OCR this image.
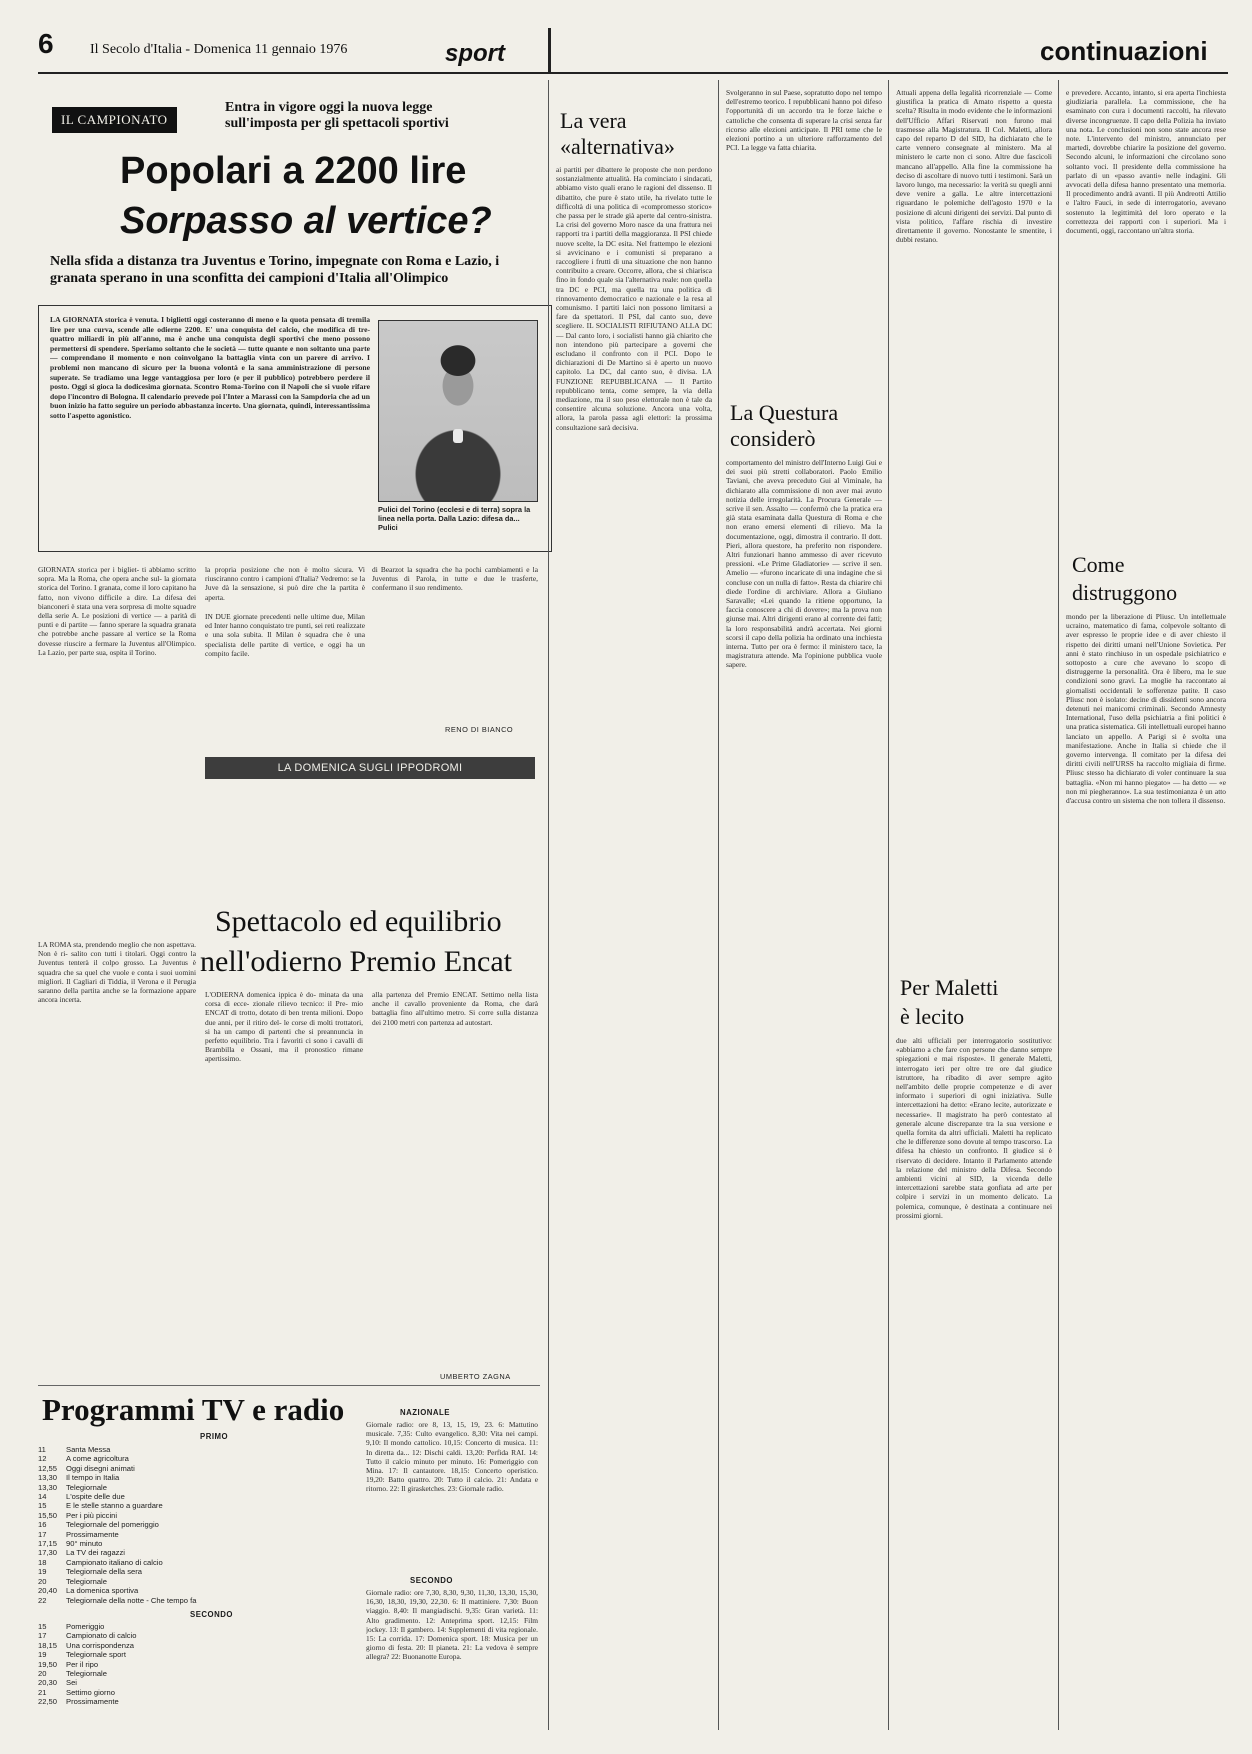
6	Il Secolo d'Italia - Domenica 11 gennaio 1976	sport	continuazioni
IL CAMPIONATO
Entra in vigore oggi la nuova legge sull'imposta per gli spettacoli sportivi
Popolari a 2200 lire
Sorpasso al vertice?
Nella sfida a distanza tra Juventus e Torino, impegnate con Roma e Lazio, i granata sperano in una sconfitta dei campioni d'Italia all'Olimpico
LA GIORNATA storica è venuta. I biglietti oggi costeranno di meno e la quota pensata di tremila lire per una curva, scende alle odierne 2200. E' una conquista del calcio, che modifica di tre-quattro miliardi in più all'anno, ma è anche una conquista degli sportivi che meno possono permettersi di spendere. Speriamo soltanto che le società — tutte quante e non soltanto una parte — comprendano il momento e non coinvolgano la battaglia vinta con un parere di arrivo. I problemi non mancano di sicuro per la buona volontà e la sana amministrazione di persone superate. Se tradiamo una legge vantaggiosa per loro (e per il pubblico) potrebbero perdere il posto. Oggi si gioca la dodicesima giornata. Scontro Roma-Torino con il Napoli che si vuole rifare dopo l'incontro di Bologna. Il calendario prevede poi l'Inter a Marassi con la Sampdoria che ad un buon inizio ha fatto seguire un periodo abbastanza incerto. Una giornata, quindi, interessantissima sotto l'aspetto agonistico.
Pulici del Torino (ecclesi e di terra) sopra la linea nella porta. Dalla Lazio: difesa da... Pulici
GIORNATA storica per i bigliet- ti abbiamo scritto sopra. Ma la Roma, che opera anche sul- la giornata storica del Torino. I granata, come il loro capitano ha fatto, non vivono difficile a dire. La difesa dei bianconeri è stata una vera sorpresa di molte squadre della serie A. Le posizioni di vertice — a parità di punti e di partite — fanno sperare la squadra granata che potrebbe anche passare al vertice se la Roma dovesse riuscire a fermare la Juventus all'Olimpico. La Lazio, per parte sua, ospita il Torino.
la propria posizione che non è molto sicura. Vi riusciranno contro i campioni d'Italia? Vedremo: se la Juve dà la sensazione, si può dire che la partita è aperta.
IN DUE giornate precedenti nelle ultime due, Milan ed Inter hanno conquistato tre punti, sei reti realizzate e una sola subita. Il Milan è squadra che è una specialista delle partite di vertice, e oggi ha un compito facile.
di Bearzot la squadra che ha pochi cambiamenti e la Juventus di Parola, in tutte e due le trasferte, confermano il suo rendimento.
RENO DI BIANCO
LA ROMA sta, prendendo meglio che non aspettava. Non è ri- salito con tutti i titolari. Oggi contro la Juventus tenterà il colpo grosso. La Juventus è squadra che sa quel che vuole e conta i suoi uomini migliori. Il Cagliari di Tiddia, il Verona e il Perugia saranno della partita anche se la formazione appare ancora incerta.
LA DOMENICA SUGLI IPPODROMI
Spettacolo ed equilibrio
nell'odierno Premio Encat
L'ODIERNA domenica ippica è do- minata da una corsa di ecce- zionale rilievo tecnico: il Pre- mio ENCAT di trotto, dotato di ben trenta milioni. Dopo due anni, per il ritiro del- le corse di molti trottatori, si ha un campo di partenti che si preannuncia in perfetto equilibrio. Tra i favoriti ci sono i cavalli di Brambilla e Ossani, ma il pronostico rimane apertissimo.
alla partenza del Premio ENCAT. Settimo nella lista anche il cavallo proveniente da Roma, che darà battaglia fino all'ultimo metro. Si corre sulla distanza dei 2100 metri con partenza ad autostart.
UMBERTO ZAGNA
Programmi TV e radio
PRIMO
11	Santa Messa
12	A come agricoltura
12,55	Oggi disegni animati
13,30	Il tempo in Italia
13,30	Telegiornale
14	L'ospite delle due
15	E le stelle stanno a guardare
15,50	Per i più piccini
16	Telegiornale del pomeriggio
17	Prossimamente
17,15	90° minuto
17,30	La TV dei ragazzi
18	Campionato italiano di calcio
19	Telegiornale della sera
20	Telegiornale
20,40	La domenica sportiva
22	Telegiornale della notte - Che tempo fa
SECONDO
15	Pomeriggio
17	Campionato di calcio
18,15	Una corrispondenza
19	Telegiornale sport
19,50	Per il ripo
20	Telegiornale
20,30	Sei
21	Settimo giorno
22,50	Prossimamente
NAZIONALE
Giornale radio: ore 8, 13, 15, 19, 23. 6: Mattutino musicale. 7,35: Culto evangelico. 8,30: Vita nei campi. 9,10: Il mondo cattolico. 10,15: Concerto di musica. 11: In diretta da... 12: Dischi caldi. 13,20: Perfida RAI. 14: Tutto il calcio minuto per minuto. 16: Pomeriggio con Mina. 17: Il cantautore. 18,15: Concerto operistico. 19,20: Batto quattro. 20: Tutto il calcio. 21: Andata e ritorno. 22: Il girasketches. 23: Giornale radio.
SECONDO
Giornale radio: ore 7,30, 8,30, 9,30, 11,30, 13,30, 15,30, 16,30, 18,30, 19,30, 22,30. 6: Il mattiniere. 7,30: Buon viaggio. 8,40: Il mangiadischi. 9,35: Gran varietà. 11: Alto gradimento. 12: Anteprima sport. 12,15: Film jockey. 13: Il gambero. 14: Supplementi di vita regionale. 15: La corrida. 17: Domenica sport. 18: Musica per un giorno di festa. 20: Il pianeta. 21: La vedova è sempre allegra? 22: Buonanotte Europa.
La vera
«alternativa»
ai partiti per dibattere le proposte che non perdono sostanzialmente attualità. Ha cominciato i sindacati, abbiamo visto quali erano le ragioni del dissenso. Il dibattito, che pure è stato utile, ha rivelato tutte le difficoltà di una politica di «compromesso storico» che passa per le strade già aperte dal centro-sinistra. La crisi del governo Moro nasce da una frattura nei rapporti tra i partiti della maggioranza. Il PSI chiede nuove scelte, la DC esita. Nel frattempo le elezioni si avvicinano e i comunisti si preparano a raccogliere i frutti di una situazione che non hanno contribuito a creare. Occorre, allora, che si chiarisca fino in fondo quale sia l'alternativa reale: non quella tra DC e PCI, ma quella tra una politica di rinnovamento democratico e nazionale e la resa al comunismo. I partiti laici non possono limitarsi a fare da spettatori. Il PSI, dal canto suo, deve scegliere. IL SOCIALISTI RIFIUTANO ALLA DC — Dal canto loro, i socialisti hanno già chiarito che non intendono più partecipare a governi che escludano il confronto con il PCI. Dopo le dichiarazioni di De Martino si è aperto un nuovo capitolo. La DC, dal canto suo, è divisa. LA FUNZIONE REPUBBLICANA — Il Partito repubblicano tenta, come sempre, la via della mediazione, ma il suo peso elettorale non è tale da consentire alcuna soluzione. Ancora una volta, allora, la parola passa agli elettori: la prossima consultazione sarà decisiva.
Svolgeranno in sul Paese, sopratutto dopo nel tempo dell'estremo teorico. I repubblicani hanno poi difeso l'opportunità di un accordo tra le forze laiche e cattoliche che consenta di superare la crisi senza far ricorso alle elezioni anticipate. Il PRI teme che le elezioni portino a un ulteriore rafforzamento del PCI. La legge va fatta chiarita.
La Questura
considerò
comportamento del ministro dell'Interno Luigi Gui e dei suoi più stretti collaboratori. Paolo Emilio Taviani, che aveva preceduto Gui al Viminale, ha dichiarato alla commissione di non aver mai avuto notizia delle irregolarità. La Procura Generale — scrive il sen. Assalto — confermò che la pratica era già stata esaminata dalla Questura di Roma e che non erano emersi elementi di rilievo. Ma la documentazione, oggi, dimostra il contrario. Il dott. Pieri, allora questore, ha preferito non rispondere. Altri funzionari hanno ammesso di aver ricevuto pressioni. «Le Prime Gladiatorie» — scrive il sen. Amelio — «furono incaricate di una indagine che si concluse con un nulla di fatto». Resta da chiarire chi diede l'ordine di archiviare. Allora a Giuliano Saravalle; «Lei quando la ritiene opportuno, la faccia conoscere a chi di dovere»; ma la prova non giunse mai. Altri dirigenti erano al corrente dei fatti; la loro responsabilità andrà accertata. Nei giorni scorsi il capo della polizia ha ordinato una inchiesta interna. Tutto per ora è fermo: il ministero tace, la magistratura attende. Ma l'opinione pubblica vuole sapere.
Attuali appena della legalità ricorrenziale — Come giustifica la pratica di Amato rispetto a questa scelta? Risulta in modo evidente che le informazioni dell'Ufficio Affari Riservati non furono mai trasmesse alla Magistratura. Il Col. Maletti, allora capo del reparto D del SID, ha dichiarato che le carte vennero consegnate al ministero. Ma al ministero le carte non ci sono. Altre due fascicoli mancano all'appello. Alla fine la commissione ha deciso di ascoltare di nuovo tutti i testimoni. Sarà un lavoro lungo, ma necessario: la verità su quegli anni deve venire a galla. Le altre intercettazioni riguardano le polemiche dell'agosto 1970 e la posizione di alcuni dirigenti dei servizi. Dal punto di vista politico, l'affare rischia di investire direttamente il governo. Nonostante le smentite, i dubbi restano.
Per Maletti
è lecito
due alti ufficiali per interrogatorio sostitutivo: «abbiamo a che fare con persone che danno sempre spiegazioni e mai risposte». Il generale Maletti, interrogato ieri per oltre tre ore dal giudice istruttore, ha ribadito di aver sempre agito nell'ambito delle proprie competenze e di aver informato i superiori di ogni iniziativa. Sulle intercettazioni ha detto: «Erano lecite, autorizzate e necessarie». Il magistrato ha però contestato al generale alcune discrepanze tra la sua versione e quella fornita da altri ufficiali. Maletti ha replicato che le differenze sono dovute al tempo trascorso. La difesa ha chiesto un confronto. Il giudice si è riservato di decidere. Intanto il Parlamento attende la relazione del ministro della Difesa. Secondo ambienti vicini al SID, la vicenda delle intercettazioni sarebbe stata gonfiata ad arte per colpire i servizi in un momento delicato. La polemica, comunque, è destinata a continuare nei prossimi giorni.
e prevedere. Accanto, intanto, si era aperta l'inchiesta giudiziaria parallela. La commissione, che ha esaminato con cura i documenti raccolti, ha rilevato diverse incongruenze. Il capo della Polizia ha inviato una nota. Le conclusioni non sono state ancora rese note. L'intervento del ministro, annunciato per martedì, dovrebbe chiarire la posizione del governo. Secondo alcuni, le informazioni che circolano sono soltanto voci. Il presidente della commissione ha parlato di un «passo avanti» nelle indagini. Gli avvocati della difesa hanno presentato una memoria. Il procedimento andrà avanti. Il più Andreotti Attilio e l'altro Fauci, in sede di interrogatorio, avevano sostenuto la legittimità del loro operato e la correttezza dei rapporti con i superiori. Ma i documenti, oggi, raccontano un'altra storia.
Come
distruggono
mondo per la liberazione di Pliusc. Un intellettuale ucraino, matematico di fama, colpevole soltanto di aver espresso le proprie idee e di aver chiesto il rispetto dei diritti umani nell'Unione Sovietica. Per anni è stato rinchiuso in un ospedale psichiatrico e sottoposto a cure che avevano lo scopo di distruggerne la personalità. Ora è libero, ma le sue condizioni sono gravi. La moglie ha raccontato ai giornalisti occidentali le sofferenze patite. Il caso Pliusc non è isolato: decine di dissidenti sono ancora detenuti nei manicomi criminali. Secondo Amnesty International, l'uso della psichiatria a fini politici è una pratica sistematica. Gli intellettuali europei hanno lanciato un appello. A Parigi si è svolta una manifestazione. Anche in Italia si chiede che il governo intervenga. Il comitato per la difesa dei diritti civili nell'URSS ha raccolto migliaia di firme. Pliusc stesso ha dichiarato di voler continuare la sua battaglia. «Non mi hanno piegato» — ha detto — «e non mi piegheranno». La sua testimonianza è un atto d'accusa contro un sistema che non tollera il dissenso.
